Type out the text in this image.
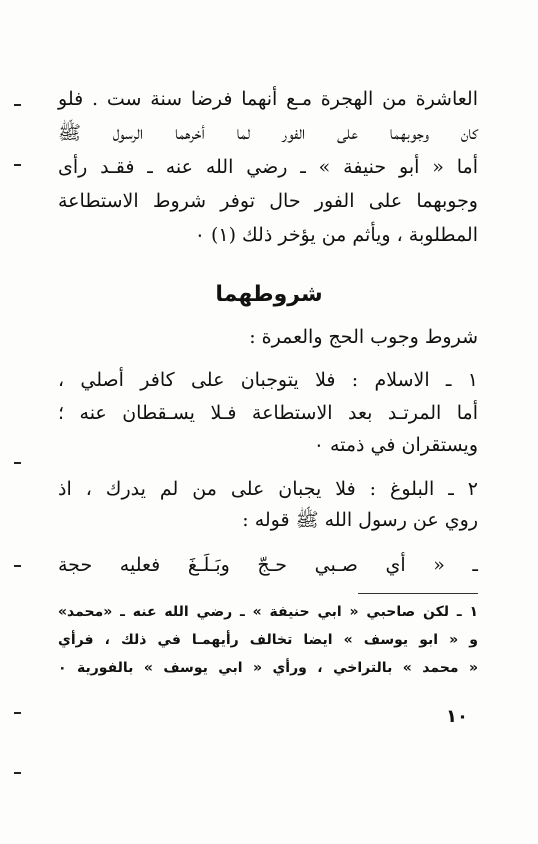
العاشرة من الهجرة مـع أنهما فرضا سنة ست . فلو
كان وجوبهما على الفور لما أخرهما الرسول ﷺ
أما « أبو حنيفة » ـ رضي الله عنه ـ فقـد رأى
وجوبهما على الفور حال توفر شروط الاستطاعة
المطلوبة ، ويأثم من يؤخر ذلك (١) ٠
شروطهما
شروط وجوب الحج والعمرة :
١ ـ الاسلام : فلا يتوجبان على كافر أصلي ،
أما المرتـد بعد الاستطاعة فـلا يسـقطان عنه ؛
ويستقران في ذمته ٠
٢ ـ البلوغ : فلا يجبان على من لم يدرك ، اذ
روي عن رسول الله ﷺ قوله :
ـ « أي صـبي حـجّ وبَـلَـغَ فعليه حجة
١ ـ لكن صاحبي « ابي حنيفة » ـ رضي الله عنه ـ «محمد»
و « ابو يوسف » ايضا تخالف رأيهمـا في ذلك ، فرأي
« محمد » بالتراخي ، ورأي « ابي يوسف » بالفورية ٠
١٠
